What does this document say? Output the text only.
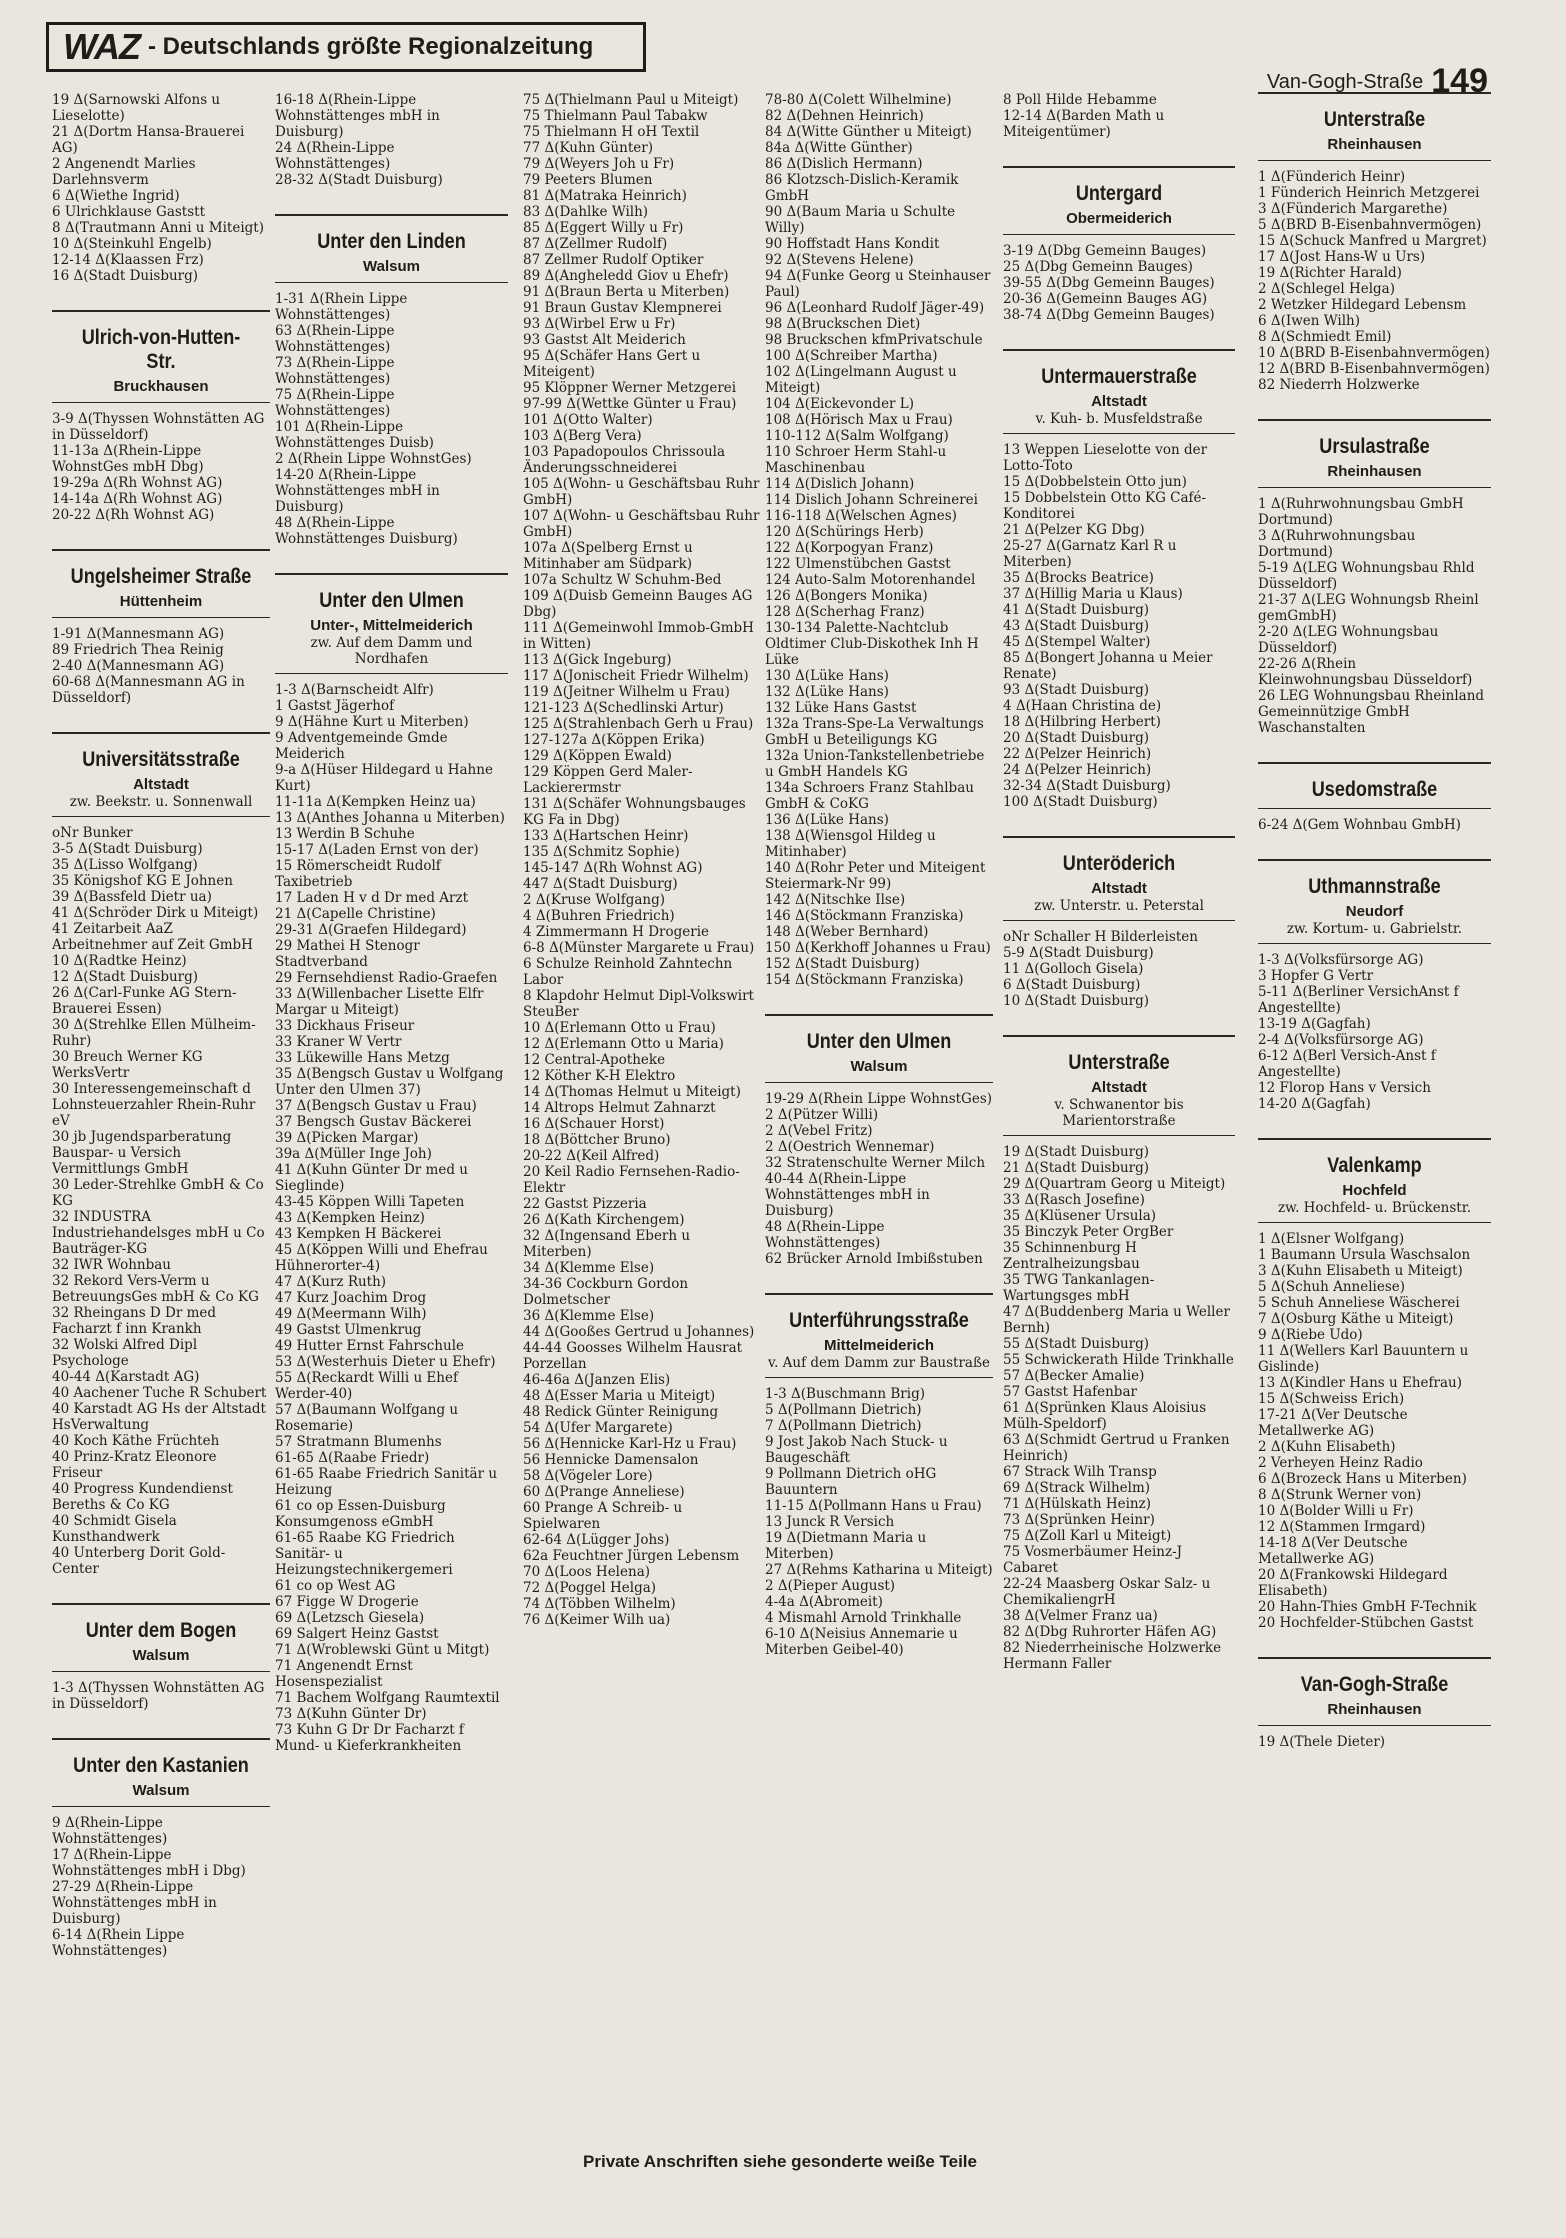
WAZ - Deutschlands größte Regionalzeitung
Van-Gogh-Straße 149
19 Δ(Sarnowski Alfons u Lieselotte)
21 Δ(Dortm Hansa-Brauerei AG)
2 Angenendt Marlies Darlehnsverm
6 Δ(Wiethe Ingrid)
6 Ulrichklause Gaststt
8 Δ(Trautmann Anni u Miteigt)
10 Δ(Steinkuhl Engelb)
12-14 Δ(Klaassen Frz)
16 Δ(Stadt Duisburg)
Ulrich-von-Hutten-Str.
Bruckhausen
3-9 Δ(Thyssen Wohnstätten AG in Düsseldorf)
11-13a Δ(Rhein-Lippe WohnstGes mbH Dbg)
19-29a Δ(Rh Wohnst AG)
14-14a Δ(Rh Wohnst AG)
20-22 Δ(Rh Wohnst AG)
Ungelsheimer Straße
Hüttenheim
1-91 Δ(Mannesmann AG)
89 Friedrich Thea Reinig
2-40 Δ(Mannesmann AG)
60-68 Δ(Mannesmann AG in Düsseldorf)
Universitätsstraße
Altstadt
zw. Beekstr. u. Sonnenwall
oNr Bunker
3-5 Δ(Stadt Duisburg)
35 Δ(Lisso Wolfgang)
35 Königshof KG E Johnen
39 Δ(Bassfeld Dietr ua)
41 Δ(Schröder Dirk u Miteigt)
41 Zeitarbeit AaZ Arbeitnehmer auf Zeit GmbH
10 Δ(Radtke Heinz)
12 Δ(Stadt Duisburg)
26 Δ(Carl-Funke AG Stern-Brauerei Essen)
30 Δ(Strehlke Ellen Mülheim-Ruhr)
30 Breuch Werner KG WerksVertr
30 Interessengemeinschaft d Lohnsteuerzahler Rhein-Ruhr eV
30 jb Jugendsparberatung Bauspar- u Versich Vermittlungs GmbH
30 Leder-Strehlke GmbH & Co KG
32 INDUSTRA Industriehandelsges mbH u Co Bauträger-KG
32 IWR Wohnbau
32 Rekord Vers-Verm u BetreuungsGes mbH & Co KG
32 Rheingans D Dr med Facharzt f inn Krankh
32 Wolski Alfred Dipl Psychologe
40-44 Δ(Karstadt AG)
40 Aachener Tuche R Schubert
40 Karstadt AG Hs der Altstadt HsVerwaltung
40 Koch Käthe Früchteh
40 Prinz-Kratz Eleonore Friseur
40 Progress Kundendienst Bereths & Co KG
40 Schmidt Gisela Kunsthandwerk
40 Unterberg Dorit Gold-Center
Unter dem Bogen
Walsum
1-3 Δ(Thyssen Wohnstätten AG in Düsseldorf)
Unter den Kastanien
Walsum
9 Δ(Rhein-Lippe Wohnstättenges)
17 Δ(Rhein-Lippe Wohnstättenges mbH i Dbg)
27-29 Δ(Rhein-Lippe Wohnstättenges mbH in Duisburg)
6-14 Δ(Rhein Lippe Wohnstättenges)
16-18 Δ(Rhein-Lippe Wohnstättenges mbH in Duisburg)
24 Δ(Rhein-Lippe Wohnstättenges)
28-32 Δ(Stadt Duisburg)
Unter den Linden
Walsum
1-31 Δ(Rhein Lippe Wohnstättenges)
63 Δ(Rhein-Lippe Wohnstättenges)
73 Δ(Rhein-Lippe Wohnstättenges)
75 Δ(Rhein-Lippe Wohnstättenges)
101 Δ(Rhein-Lippe Wohnstättenges Duisb)
2 Δ(Rhein Lippe WohnstGes)
14-20 Δ(Rhein-Lippe Wohnstättenges mbH in Duisburg)
48 Δ(Rhein-Lippe Wohnstättenges Duisburg)
Unter den Ulmen
Unter-, Mittelmeiderich
zw. Auf dem Damm und Nordhafen
1-3 Δ(Barnscheidt Alfr)
1 Gastst Jägerhof
9 Δ(Hähne Kurt u Miterben)
9 Adventgemeinde Gmde Meiderich
9-a Δ(Hüser Hildegard u Hahne Kurt)
11-11a Δ(Kempken Heinz ua)
13 Δ(Anthes Johanna u Miterben)
13 Werdin B Schuhe
15-17 Δ(Laden Ernst von der)
15 Römerscheidt Rudolf Taxibetrieb
17 Laden H v d Dr med Arzt
21 Δ(Capelle Christine)
29-31 Δ(Graefen Hildegard)
29 Mathei H Stenogr Stadtverband
29 Fernsehdienst Radio-Graefen
33 Δ(Willenbacher Lisette Elfr Margar u Miteigt)
33 Dickhaus Friseur
33 Kraner W Vertr
33 Lükewille Hans Metzg
35 Δ(Bengsch Gustav u Wolfgang Unter den Ulmen 37)
37 Δ(Bengsch Gustav u Frau)
37 Bengsch Gustav Bäckerei
39 Δ(Picken Margar)
39a Δ(Müller Inge Joh)
41 Δ(Kuhn Günter Dr med u Sieglinde)
43-45 Köppen Willi Tapeten
43 Δ(Kempken Heinz)
43 Kempken H Bäckerei
45 Δ(Köppen Willi und Ehefrau Hühnerorter-4)
47 Δ(Kurz Ruth)
47 Kurz Joachim Drog
49 Δ(Meermann Wilh)
49 Gastst Ulmenkrug
49 Hutter Ernst Fahrschule
53 Δ(Westerhuis Dieter u Ehefr)
55 Δ(Reckardt Willi u Ehef Werder-40)
57 Δ(Baumann Wolfgang u Rosemarie)
57 Stratmann Blumenhs
61-65 Δ(Raabe Friedr)
61-65 Raabe Friedrich Sanitär u Heizung
61 co op Essen-Duisburg Konsumgenoss eGmbH
61-65 Raabe KG Friedrich Sanitär- u Heizungstechnikergemeri
61 co op West AG
67 Figge W Drogerie
69 Δ(Letzsch Giesela)
69 Salgert Heinz Gastst
71 Δ(Wroblewski Günt u Mitgt)
71 Angenendt Ernst Hosenspezialist
71 Bachem Wolfgang Raumtextil
73 Δ(Kuhn Günter Dr)
73 Kuhn G Dr Dr Facharzt f Mund- u Kieferkrankheiten
75 Δ(Thielmann Paul u Miteigt)
75 Thielmann Paul Tabakw
75 Thielmann H oH Textil
77 Δ(Kuhn Günter)
79 Δ(Weyers Joh u Fr)
79 Peeters Blumen
81 Δ(Matraka Heinrich)
83 Δ(Dahlke Wilh)
85 Δ(Eggert Willy u Fr)
87 Δ(Zellmer Rudolf)
87 Zellmer Rudolf Optiker
89 Δ(Angheledd Giov u Ehefr)
91 Δ(Braun Berta u Miterben)
91 Braun Gustav Klempnerei
93 Δ(Wirbel Erw u Fr)
93 Gastst Alt Meiderich
95 Δ(Schäfer Hans Gert u Miteigent)
95 Klöppner Werner Metzgerei
97-99 Δ(Wettke Günter u Frau)
101 Δ(Otto Walter)
103 Δ(Berg Vera)
103 Papadopoulos Chrissoula Änderungsschneiderei
105 Δ(Wohn- u Geschäftsbau Ruhr GmbH)
107 Δ(Wohn- u Geschäftsbau Ruhr GmbH)
107a Δ(Spelberg Ernst u Mitinhaber am Südpark)
107a Schultz W Schuhm-Bed
109 Δ(Duisb Gemeinn Bauges AG Dbg)
111 Δ(Gemeinwohl Immob-GmbH in Witten)
113 Δ(Gick Ingeburg)
117 Δ(Jonischeit Friedr Wilhelm)
119 Δ(Jeitner Wilhelm u Frau)
121-123 Δ(Schedlinski Artur)
125 Δ(Strahlenbach Gerh u Frau)
127-127a Δ(Köppen Erika)
129 Δ(Köppen Ewald)
129 Köppen Gerd Maler-Lackierermstr
131 Δ(Schäfer Wohnungsbauges KG Fa in Dbg)
133 Δ(Hartschen Heinr)
135 Δ(Schmitz Sophie)
145-147 Δ(Rh Wohnst AG)
447 Δ(Stadt Duisburg)
2 Δ(Kruse Wolfgang)
4 Δ(Buhren Friedrich)
4 Zimmermann H Drogerie
6-8 Δ(Münster Margarete u Frau)
6 Schulze Reinhold Zahntechn Labor
8 Klapdohr Helmut Dipl-Volkswirt SteuBer
10 Δ(Erlemann Otto u Frau)
12 Δ(Erlemann Otto u Maria)
12 Central-Apotheke
12 Köther K-H Elektro
14 Δ(Thomas Helmut u Miteigt)
14 Altrops Helmut Zahnarzt
16 Δ(Schauer Horst)
18 Δ(Böttcher Bruno)
20-22 Δ(Keil Alfred)
20 Keil Radio Fernsehen-Radio-Elektr
22 Gastst Pizzeria
26 Δ(Kath Kirchengem)
32 Δ(Ingensand Eberh u Miterben)
34 Δ(Klemme Else)
34-36 Cockburn Gordon Dolmetscher
36 Δ(Klemme Else)
44 Δ(Gooßes Gertrud u Johannes)
44-44 Goosses Wilhelm Hausrat Porzellan
46-46a Δ(Janzen Elis)
48 Δ(Esser Maria u Miteigt)
48 Redick Günter Reinigung
54 Δ(Ufer Margarete)
56 Δ(Hennicke Karl-Hz u Frau)
56 Hennicke Damensalon
58 Δ(Vögeler Lore)
60 Δ(Prange Anneliese)
60 Prange A Schreib- u Spielwaren
62-64 Δ(Lügger Johs)
62a Feuchtner Jürgen Lebensm
70 Δ(Loos Helena)
72 Δ(Poggel Helga)
74 Δ(Többen Wilhelm)
76 Δ(Keimer Wilh ua)
78-80 Δ(Colett Wilhelmine)
82 Δ(Dehnen Heinrich)
84 Δ(Witte Günther u Miteigt)
84a Δ(Witte Günther)
86 Δ(Dislich Hermann)
86 Klotzsch-Dislich-Keramik GmbH
90 Δ(Baum Maria u Schulte Willy)
90 Hoffstadt Hans Kondit
92 Δ(Stevens Helene)
94 Δ(Funke Georg u Steinhauser Paul)
96 Δ(Leonhard Rudolf Jäger-49)
98 Δ(Bruckschen Diet)
98 Bruckschen kfmPrivatschule
100 Δ(Schreiber Martha)
102 Δ(Lingelmann August u Miteigt)
104 Δ(Eickevonder L)
108 Δ(Hörisch Max u Frau)
110-112 Δ(Salm Wolfgang)
110 Schroer Herm Stahl-u Maschinenbau
114 Δ(Dislich Johann)
114 Dislich Johann Schreinerei
116-118 Δ(Welschen Agnes)
120 Δ(Schürings Herb)
122 Δ(Korpogyan Franz)
122 Ulmenstübchen Gastst
124 Auto-Salm Motorenhandel
126 Δ(Bongers Monika)
128 Δ(Scherhag Franz)
130-134 Palette-Nachtclub Oldtimer Club-Diskothek Inh H Lüke
130 Δ(Lüke Hans)
132 Δ(Lüke Hans)
132 Lüke Hans Gastst
132a Trans-Spe-La Verwaltungs GmbH u Beteiligungs KG
132a Union-Tankstellenbetriebe u GmbH Handels KG
134a Schroers Franz Stahlbau GmbH & CoKG
136 Δ(Lüke Hans)
138 Δ(Wiensgol Hildeg u Mitinhaber)
140 Δ(Rohr Peter und Miteigent Steiermark-Nr 99)
142 Δ(Nitschke Ilse)
146 Δ(Stöckmann Franziska)
148 Δ(Weber Bernhard)
150 Δ(Kerkhoff Johannes u Frau)
152 Δ(Stadt Duisburg)
154 Δ(Stöckmann Franziska)
Unter den Ulmen
Walsum
19-29 Δ(Rhein Lippe WohnstGes)
2 Δ(Pützer Willi)
2 Δ(Vebel Fritz)
2 Δ(Oestrich Wennemar)
32 Stratenschulte Werner Milch
40-44 Δ(Rhein-Lippe Wohnstättenges mbH in Duisburg)
48 Δ(Rhein-Lippe Wohnstättenges)
62 Brücker Arnold Imbißstuben
Unterführungsstraße
Mittelmeiderich
v. Auf dem Damm zur Baustraße
1-3 Δ(Buschmann Brig)
5 Δ(Pollmann Dietrich)
7 Δ(Pollmann Dietrich)
9 Jost Jakob Nach Stuck- u Baugeschäft
9 Pollmann Dietrich oHG Bauuntern
11-15 Δ(Pollmann Hans u Frau)
13 Junck R Versich
19 Δ(Dietmann Maria u Miterben)
27 Δ(Rehms Katharina u Miteigt)
2 Δ(Pieper August)
4-4a Δ(Abromeit)
4 Mismahl Arnold Trinkhalle
6-10 Δ(Neisius Annemarie u Miterben Geibel-40)
8 Poll Hilde Hebamme
12-14 Δ(Barden Math u Miteigentümer)
Untergard
Obermeiderich
3-19 Δ(Dbg Gemeinn Bauges)
25 Δ(Dbg Gemeinn Bauges)
39-55 Δ(Dbg Gemeinn Bauges)
20-36 Δ(Gemeinn Bauges AG)
38-74 Δ(Dbg Gemeinn Bauges)
Untermauerstraße
Altstadt
v. Kuh- b. Musfeldstraße
13 Weppen Lieselotte von der Lotto-Toto
15 Δ(Dobbelstein Otto jun)
15 Dobbelstein Otto KG Café-Konditorei
21 Δ(Pelzer KG Dbg)
25-27 Δ(Garnatz Karl R u Miterben)
35 Δ(Brocks Beatrice)
37 Δ(Hillig Maria u Klaus)
41 Δ(Stadt Duisburg)
43 Δ(Stadt Duisburg)
45 Δ(Stempel Walter)
85 Δ(Bongert Johanna u Meier Renate)
93 Δ(Stadt Duisburg)
4 Δ(Haan Christina de)
18 Δ(Hilbring Herbert)
20 Δ(Stadt Duisburg)
22 Δ(Pelzer Heinrich)
24 Δ(Pelzer Heinrich)
32-34 Δ(Stadt Duisburg)
100 Δ(Stadt Duisburg)
Unteröderich
Altstadt
zw. Unterstr. u. Peterstal
oNr Schaller H Bilderleisten
5-9 Δ(Stadt Duisburg)
11 Δ(Golloch Gisela)
6 Δ(Stadt Duisburg)
10 Δ(Stadt Duisburg)
Unterstraße
Altstadt
v. Schwanentor bis Marientorstraße
19 Δ(Stadt Duisburg)
21 Δ(Stadt Duisburg)
29 Δ(Quartram Georg u Miteigt)
33 Δ(Rasch Josefine)
35 Δ(Klüsener Ursula)
35 Binczyk Peter OrgBer
35 Schinnenburg H Zentralheizungsbau
35 TWG Tankanlagen-Wartungsges mbH
47 Δ(Buddenberg Maria u Weller Bernh)
55 Δ(Stadt Duisburg)
55 Schwickerath Hilde Trinkhalle
57 Δ(Becker Amalie)
57 Gastst Hafenbar
61 Δ(Sprünken Klaus Aloisius Mülh-Speldorf)
63 Δ(Schmidt Gertrud u Franken Heinrich)
67 Strack Wilh Transp
69 Δ(Strack Wilhelm)
71 Δ(Hülskath Heinz)
73 Δ(Sprünken Heinr)
75 Δ(Zoll Karl u Miteigt)
75 Vosmerbäumer Heinz-J Cabaret
22-24 Maasberg Oskar Salz- u ChemikaliengrH
38 Δ(Velmer Franz ua)
82 Δ(Dbg Ruhrorter Häfen AG)
82 Niederrheinische Holzwerke Hermann Faller
Unterstraße
Rheinhausen
1 Δ(Fünderich Heinr)
1 Fünderich Heinrich Metzgerei
3 Δ(Fünderich Margarethe)
5 Δ(BRD B-Eisenbahnvermögen)
15 Δ(Schuck Manfred u Margret)
17 Δ(Jost Hans-W u Urs)
19 Δ(Richter Harald)
2 Δ(Schlegel Helga)
2 Wetzker Hildegard Lebensm
6 Δ(Iwen Wilh)
8 Δ(Schmiedt Emil)
10 Δ(BRD B-Eisenbahnvermögen)
12 Δ(BRD B-Eisenbahnvermögen)
82 Niederrh Holzwerke
Ursulastraße
Rheinhausen
1 Δ(Ruhrwohnungsbau GmbH Dortmund)
3 Δ(Ruhrwohnungsbau Dortmund)
5-19 Δ(LEG Wohnungsbau Rhld Düsseldorf)
21-37 Δ(LEG Wohnungsb Rheinl gemGmbH)
2-20 Δ(LEG Wohnungsbau Düsseldorf)
22-26 Δ(Rhein Kleinwohnungsbau Düsseldorf)
26 LEG Wohnungsbau Rheinland Gemeinnützige GmbH Waschanstalten
Usedomstraße
6-24 Δ(Gem Wohnbau GmbH)
Uthmannstraße
Neudorf
zw. Kortum- u. Gabrielstr.
1-3 Δ(Volksfürsorge AG)
3 Hopfer G Vertr
5-11 Δ(Berliner VersichAnst f Angestellte)
13-19 Δ(Gagfah)
2-4 Δ(Volksfürsorge AG)
6-12 Δ(Berl Versich-Anst f Angestellte)
12 Florop Hans v Versich
14-20 Δ(Gagfah)
Valenkamp
Hochfeld
zw. Hochfeld- u. Brückenstr.
1 Δ(Elsner Wolfgang)
1 Baumann Ursula Waschsalon
3 Δ(Kuhn Elisabeth u Miteigt)
5 Δ(Schuh Anneliese)
5 Schuh Anneliese Wäscherei
7 Δ(Osburg Käthe u Miteigt)
9 Δ(Riebe Udo)
11 Δ(Wellers Karl Bauuntern u Gislinde)
13 Δ(Kindler Hans u Ehefrau)
15 Δ(Schweiss Erich)
17-21 Δ(Ver Deutsche Metallwerke AG)
2 Δ(Kuhn Elisabeth)
2 Verheyen Heinz Radio
6 Δ(Brozeck Hans u Miterben)
8 Δ(Strunk Werner von)
10 Δ(Bolder Willi u Fr)
12 Δ(Stammen Irmgard)
14-18 Δ(Ver Deutsche Metallwerke AG)
20 Δ(Frankowski Hildegard Elisabeth)
20 Hahn-Thies GmbH F-Technik
20 Hochfelder-Stübchen Gastst
Van-Gogh-Straße
Rheinhausen
19 Δ(Thele Dieter)
Private Anschriften siehe gesonderte weiße Teile
